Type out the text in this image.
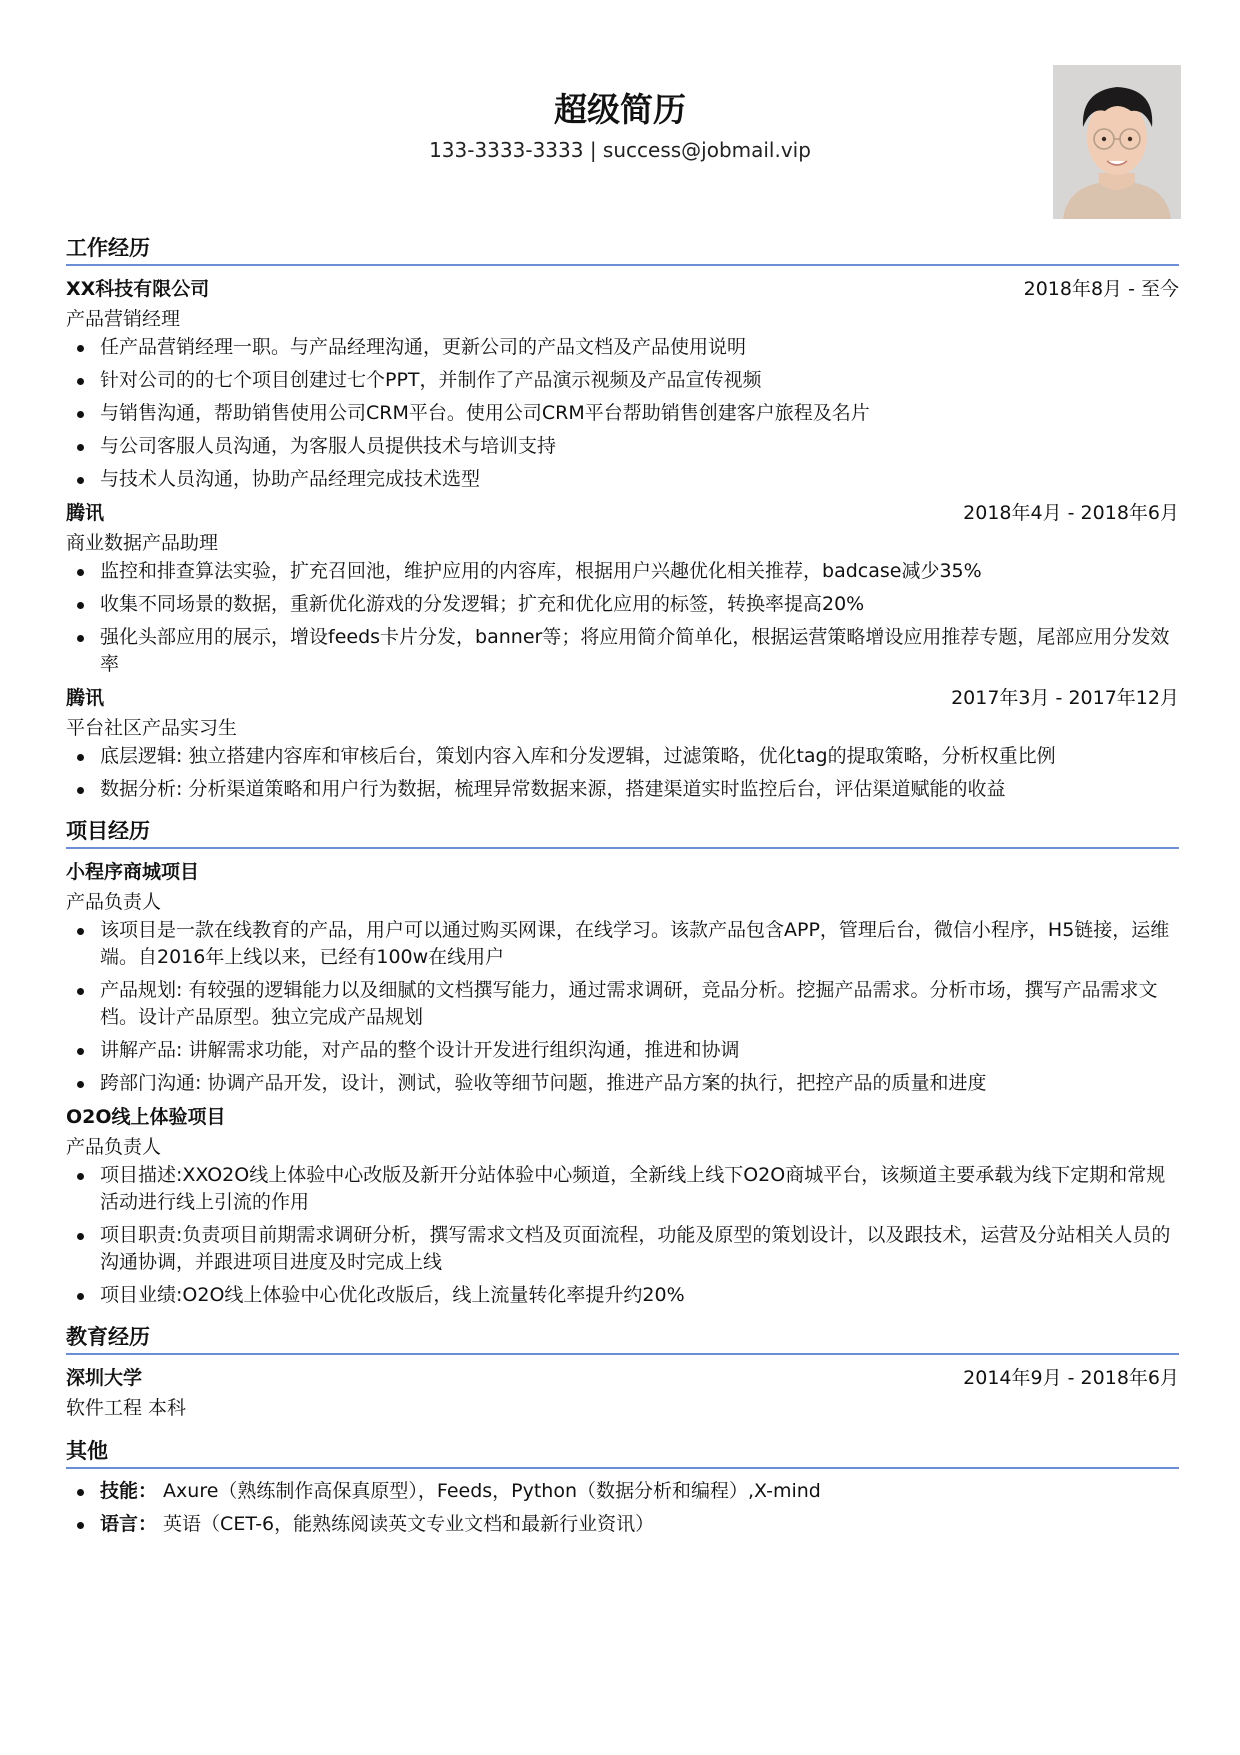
超级简历
133-3333-3333 | success@jobmail.vip
工作经历
XX科技有限公司	2018年8月 - 至今
产品营销经理
任产品营销经理一职。与产品经理沟通，更新公司的产品文档及产品使用说明
针对公司的的七个项目创建过七个PPT，并制作了产品演示视频及产品宣传视频
与销售沟通，帮助销售使用公司CRM平台。使用公司CRM平台帮助销售创建客户旅程及名片
与公司客服人员沟通，为客服人员提供技术与培训支持
与技术人员沟通，协助产品经理完成技术选型
腾讯	2018年4月 - 2018年6月
商业数据产品助理
监控和排查算法实验，扩充召回池，维护应用的内容库，根据用户兴趣优化相关推荐，badcase减少35%
收集不同场景的数据，重新优化游戏的分发逻辑；扩充和优化应用的标签，转换率提高20%
强化头部应用的展示，增设feeds卡片分发，banner等；将应用简介简单化，根据运营策略增设应用推荐专题，尾部应用分发效率
腾讯	2017年3月 - 2017年12月
平台社区产品实习生
底层逻辑: 独立搭建内容库和审核后台，策划内容入库和分发逻辑，过滤策略，优化tag的提取策略，分析权重比例
数据分析: 分析渠道策略和用户行为数据，梳理异常数据来源，搭建渠道实时监控后台，评估渠道赋能的收益
项目经历
小程序商城项目
产品负责人
该项目是一款在线教育的产品，用户可以通过购买网课，在线学习。该款产品包含APP，管理后台，微信小程序，H5链接，运维端。自2016年上线以来，已经有100w在线用户
产品规划: 有较强的逻辑能力以及细腻的文档撰写能力，通过需求调研，竞品分析。挖掘产品需求。分析市场，撰写产品需求文档。设计产品原型。独立完成产品规划
讲解产品: 讲解需求功能，对产品的整个设计开发进行组织沟通，推进和协调
跨部门沟通: 协调产品开发，设计，测试，验收等细节问题，推进产品方案的执行，把控产品的质量和进度
O2O线上体验项目
产品负责人
项目描述:XXO2O线上体验中心改版及新开分站体验中心频道，全新线上线下O2O商城平台，该频道主要承载为线下定期和常规活动进行线上引流的作用
项目职责:负责项目前期需求调研分析，撰写需求文档及页面流程，功能及原型的策划设计，以及跟技术，运营及分站相关人员的沟通协调，并跟进项目进度及时完成上线
项目业绩:O2O线上体验中心优化改版后，线上流量转化率提升约20%
教育经历
深圳大学	2014年9月 - 2018年6月
软件工程 本科
其他
技能： Axure（熟练制作高保真原型），Feeds，Python（数据分析和编程）,X-mind
语言： 英语（CET-6，能熟练阅读英文专业文档和最新行业资讯）
